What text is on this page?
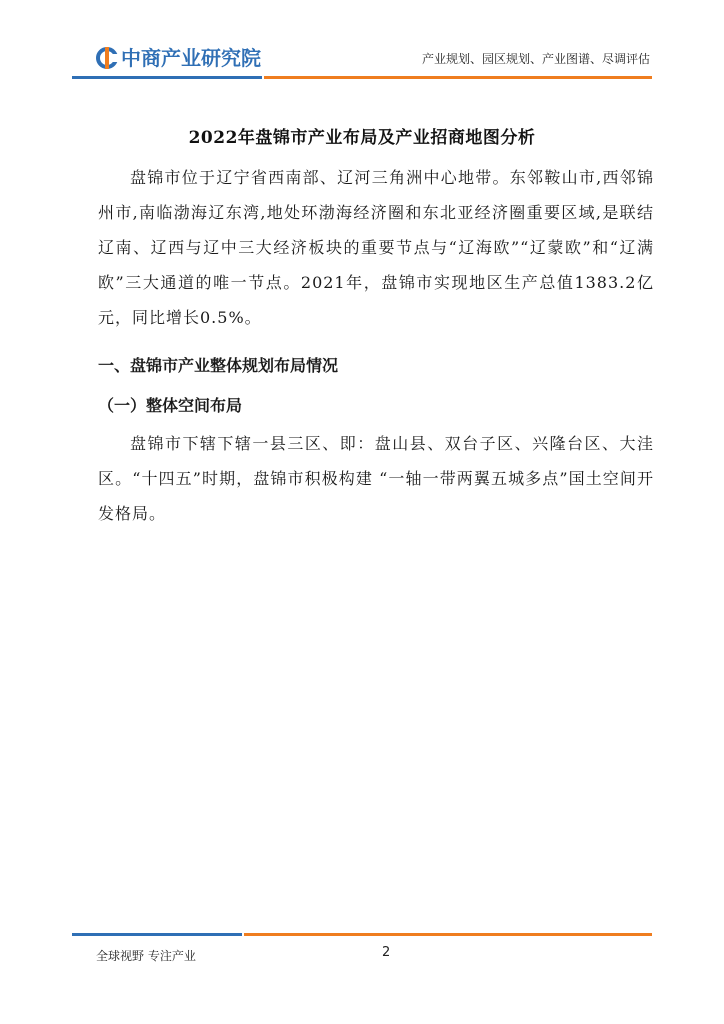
中商产业研究院	产业规划、园区规划、产业图谱、尽调评估
2022年盘锦市产业布局及产业招商地图分析
盘锦市位于辽宁省西南部、辽河三角洲中心地带。东邻鞍山市,西邻锦州市,南临渤海辽东湾,地处环渤海经济圈和东北亚经济圈重要区域,是联结辽南、辽西与辽中三大经济板块的重要节点与“辽海欧”“辽蒙欧”和“辽满欧”三大通道的唯一节点。2021年，盘锦市实现地区生产总值1383.2亿元，同比增长0.5%。
一、盘锦市产业整体规划布局情况
（一）整体空间布局
盘锦市下辖下辖一县三区、即：盘山县、双台子区、兴隆台区、大洼区。“十四五”时期，盘锦市积极构建 “一轴一带两翼五城多点”国土空间开发格局。
全球视野 专注产业	2
